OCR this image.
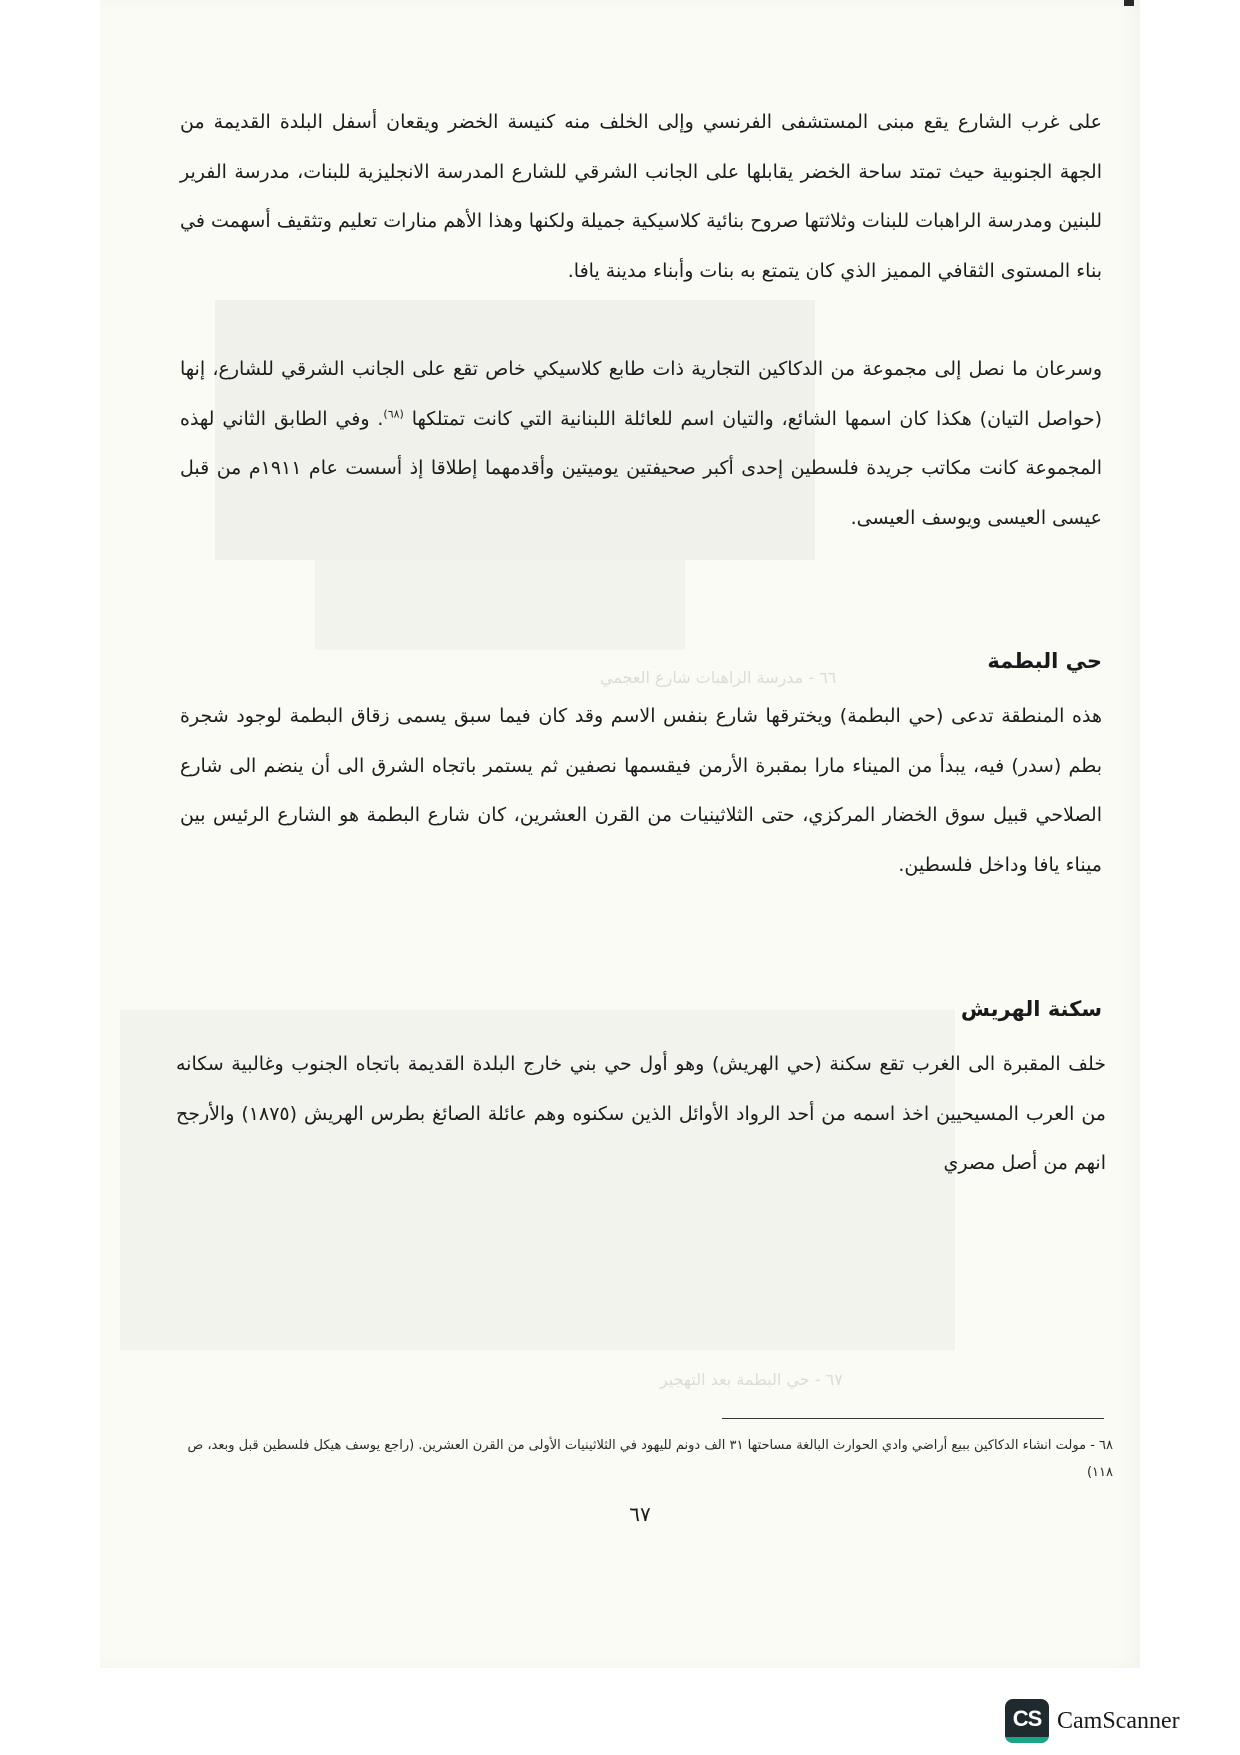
٦٦ - مدرسة الراهبات شارع العجمي
٦٧ - حي البطمة بعد التهجير

على غرب الشارع يقع مبنى المستشفى الفرنسي وإلى الخلف منه كنيسة الخضر ويقعان أسفل البلدة القديمة من الجهة الجنوبية حيث تمتد ساحة الخضر يقابلها على الجانب الشرقي للشارع المدرسة الانجليزية للبنات، مدرسة الفرير للبنين ومدرسة الراهبات للبنات وثلاثتها صروح بنائية كلاسيكية جميلة ولكنها وهذا الأهم منارات تعليم وتثقيف أسهمت في بناء المستوى الثقافي المميز الذي كان يتمتع به بنات وأبناء مدينة يافا.

وسرعان ما نصل إلى مجموعة من الدكاكين التجارية ذات طابع كلاسيكي خاص تقع على الجانب الشرقي للشارع، إنها (حواصل التيان) هكذا كان اسمها الشائع، والتيان اسم للعائلة اللبنانية التي كانت تمتلكها $^{(٦٨)}$. وفي الطابق الثاني لهذه المجموعة كانت مكاتب جريدة فلسطين إحدى أكبر صحيفتين يوميتين وأقدمهما إطلاقا إذ أسست عام ١٩١١م من قبل عيسى العيسى ويوسف العيسى.

حي البطمة

هذه المنطقة تدعى (حي البطمة) ويخترقها شارع بنفس الاسم وقد كان فيما سبق يسمى زقاق البطمة لوجود شجرة بطم (سدر) فيه، يبدأ من الميناء مارا بمقبرة الأرمن فيقسمها نصفين ثم يستمر باتجاه الشرق الى أن ينضم الى شارع الصلاحي قبيل سوق الخضار المركزي، حتى الثلاثينيات من القرن العشرين، كان شارع البطمة هو الشارع الرئيس بين ميناء يافا وداخل فلسطين.

سكنة الهريش

خلف المقبرة الى الغرب تقع سكنة (حي الهريش) وهو أول حي بني خارج البلدة القديمة باتجاه الجنوب وغالبية سكانه من العرب المسيحيين اخذ اسمه من أحد الرواد الأوائل الذين سكنوه وهم عائلة الصائغ بطرس الهريش (١٨٧٥) والأرجح انهم من أصل مصري

٦٨ - مولت انشاء الدكاكين ببيع أراضي وادي الحوارث البالغة مساحتها ٣١ الف دونم لليهود في الثلاثينيات الأولى من القرن العشرين. (راجع يوسف هيكل فلسطين قبل وبعد، ص ١١٨)
٦٧
CS CamScanner
